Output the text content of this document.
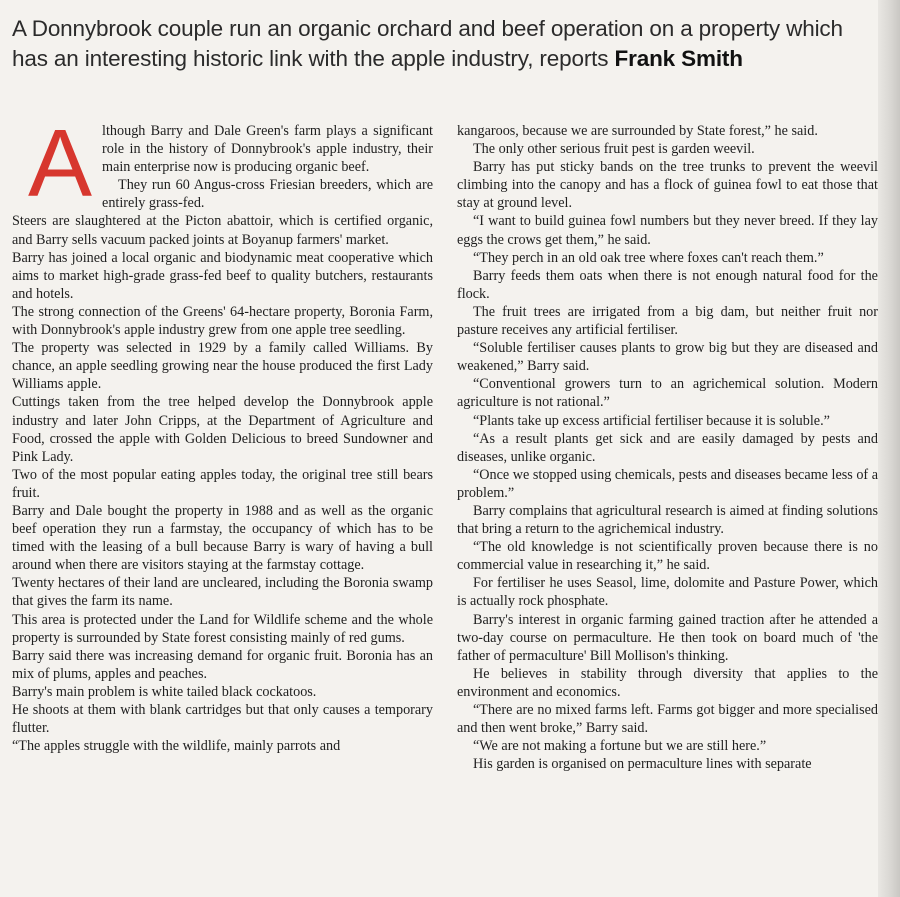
A Donnybrook couple run an organic orchard and beef operation on a property which has an interesting historic link with the apple industry, reports Frank Smith
A lthough Barry and Dale Green's farm plays a significant role in the history of Donnybrook's apple industry, their main enterprise now is producing organic beef.

They run 60 Angus-cross Friesian breeders, which are entirely grass-fed.

Steers are slaughtered at the Picton abattoir, which is certified organic, and Barry sells vacuum packed joints at Boyanup farmers' market.

Barry has joined a local organic and biodynamic meat cooperative which aims to market high-grade grass-fed beef to quality butchers, restaurants and hotels.

The strong connection of the Greens' 64-hectare property, Boronia Farm, with Donnybrook's apple industry grew from one apple tree seedling.

The property was selected in 1929 by a family called Williams. By chance, an apple seedling growing near the house produced the first Lady Williams apple.

Cuttings taken from the tree helped develop the Donnybrook apple industry and later John Cripps, at the Department of Agriculture and Food, crossed the apple with Golden Delicious to breed Sundowner and Pink Lady.

Two of the most popular eating apples today, the original tree still bears fruit.

Barry and Dale bought the property in 1988 and as well as the organic beef operation they run a farmstay, the occupancy of which has to be timed with the leasing of a bull because Barry is wary of having a bull around when there are visitors staying at the farmstay cottage.

Twenty hectares of their land are uncleared, including the Boronia swamp that gives the farm its name.

This area is protected under the Land for Wildlife scheme and the whole property is surrounded by State forest consisting mainly of red gums.

Barry said there was increasing demand for organic fruit. Boronia has an mix of plums, apples and peaches.

Barry's main problem is white tailed black cockatoos.

He shoots at them with blank cartridges but that only causes a temporary flutter.

“The apples struggle with the wildlife, mainly parrots and

kangaroos, because we are surrounded by State forest,” he said.

The only other serious fruit pest is garden weevil.

Barry has put sticky bands on the tree trunks to prevent the weevil climbing into the canopy and has a flock of guinea fowl to eat those that stay at ground level.

“I want to build guinea fowl numbers but they never breed. If they lay eggs the crows get them,” he said.

“They perch in an old oak tree where foxes can't reach them.”

Barry feeds them oats when there is not enough natural food for the flock.

The fruit trees are irrigated from a big dam, but neither fruit nor pasture receives any artificial fertiliser.

“Soluble fertiliser causes plants to grow big but they are diseased and weakened,” Barry said.

“Conventional growers turn to an agrichemical solution. Modern agriculture is not rational.”

“Plants take up excess artificial fertiliser because it is soluble.”

“As a result plants get sick and are easily damaged by pests and diseases, unlike organic.

“Once we stopped using chemicals, pests and diseases became less of a problem.”

Barry complains that agricultural research is aimed at finding solutions that bring a return to the agrichemical industry.

“The old knowledge is not scientifically proven because there is no commercial value in researching it,” he said.

For fertiliser he uses Seasol, lime, dolomite and Pasture Power, which is actually rock phosphate.

Barry's interest in organic farming gained traction after he attended a two-day course on permaculture. He then took on board much of 'the father of permaculture' Bill Mollison's thinking.

He believes in stability through diversity that applies to the environment and economics.

“There are no mixed farms left. Farms got bigger and more specialised and then went broke,” Barry said.

“We are not making a fortune but we are still here.”

His garden is organised on permaculture lines with separate
